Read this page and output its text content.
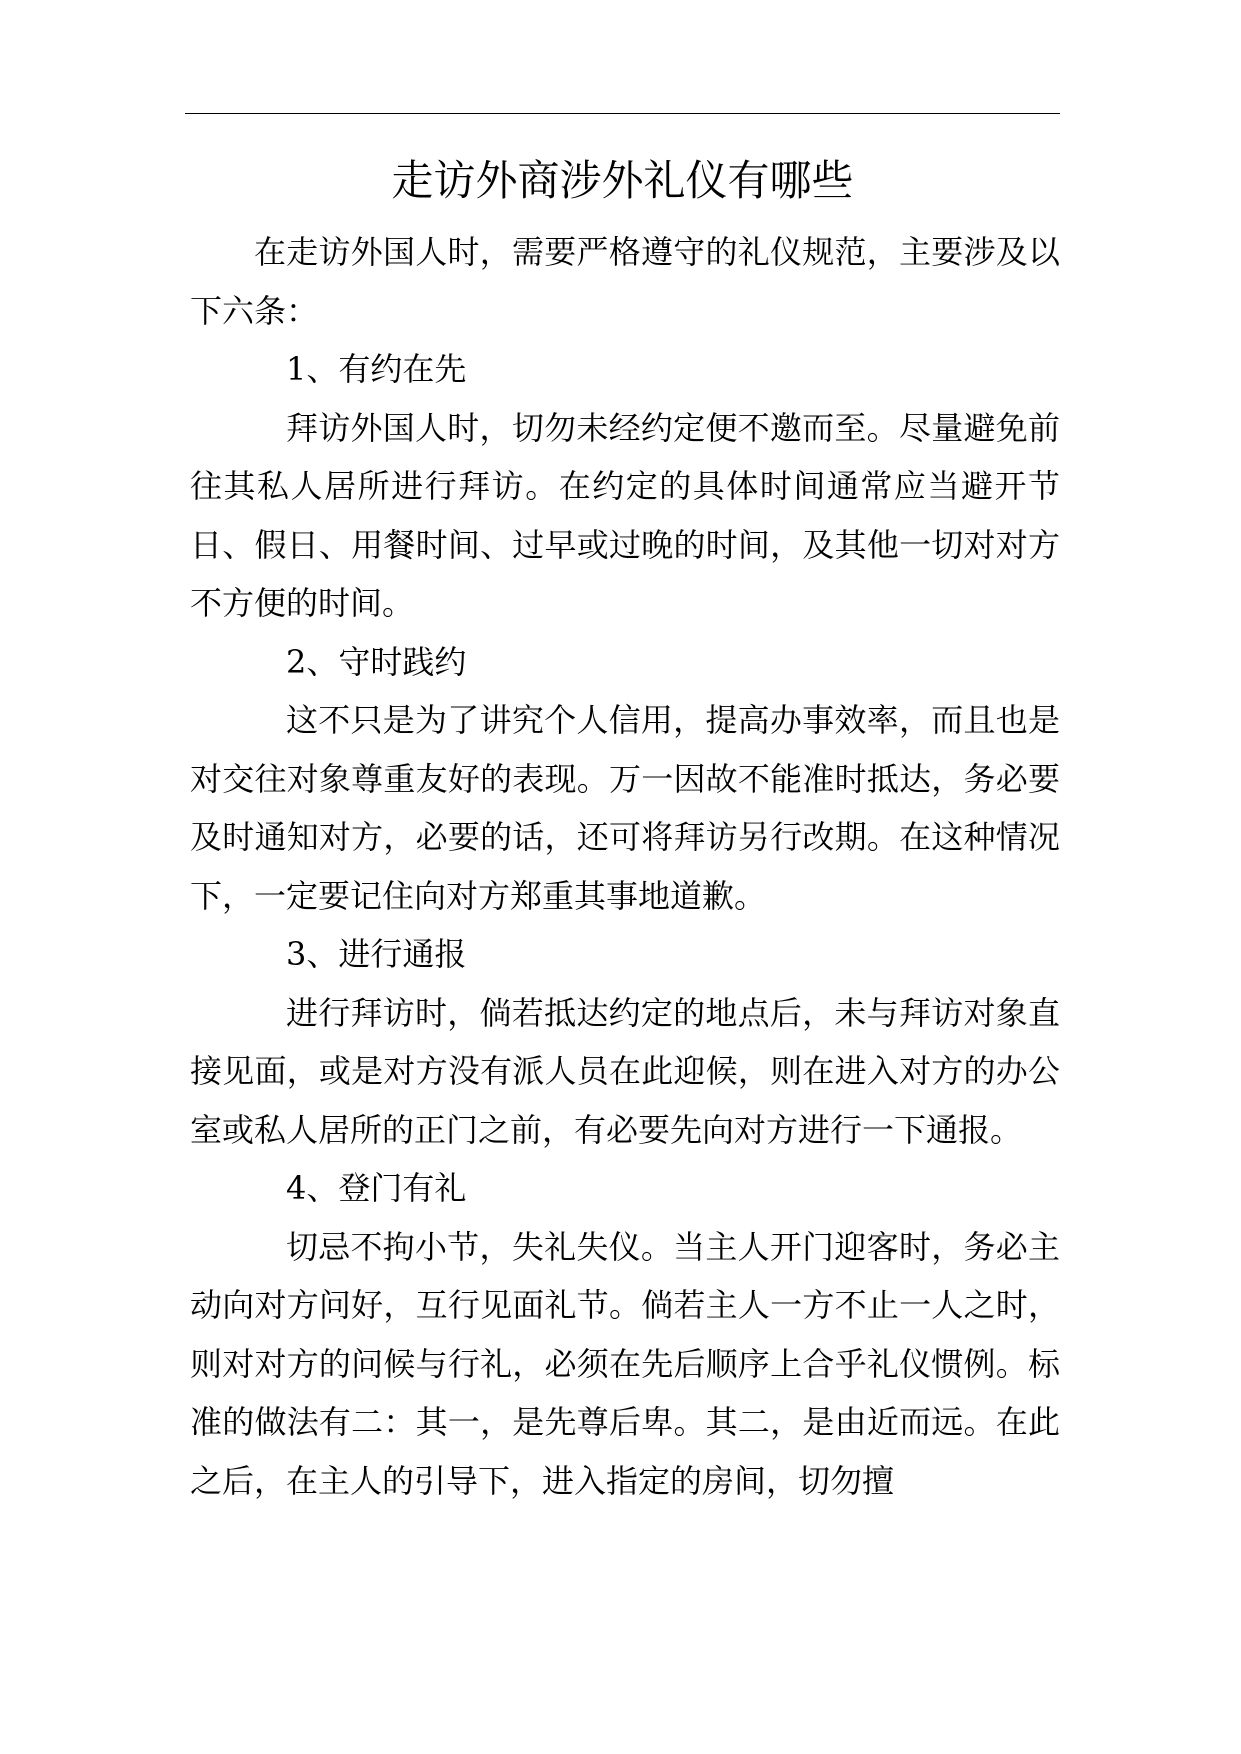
走访外商涉外礼仪有哪些

在走访外国人时，需要严格遵守的礼仪规范，主要涉及以下六条：

1、有约在先

拜访外国人时，切勿未经约定便不邀而至。尽量避免前往其私人居所进行拜访。在约定的具体时间通常应当避开节日、假日、用餐时间、过早或过晚的时间，及其他一切对对方不方便的时间。

2、守时践约

这不只是为了讲究个人信用，提高办事效率，而且也是对交往对象尊重友好的表现。万一因故不能准时抵达，务必要及时通知对方，必要的话，还可将拜访另行改期。在这种情况下，一定要记住向对方郑重其事地道歉。

3、进行通报

进行拜访时，倘若抵达约定的地点后，未与拜访对象直接见面，或是对方没有派人员在此迎候，则在进入对方的办公室或私人居所的正门之前，有必要先向对方进行一下通报。

4、登门有礼

切忌不拘小节，失礼失仪。当主人开门迎客时，务必主动向对方问好，互行见面礼节。倘若主人一方不止一人之时，则对对方的问候与行礼，必须在先后顺序上合乎礼仪惯例。标准的做法有二：其一，是先尊后卑。其二，是由近而远。在此之后，在主人的引导下，进入指定的房间，切勿擅
